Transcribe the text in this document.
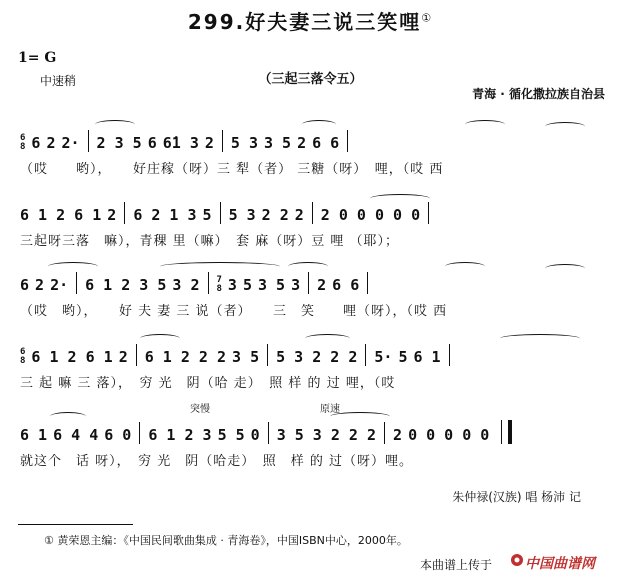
299.好夫妻三说三笑哩①
1= G
中速稍	（三起三落令五）
青海 · 循化撒拉族自治县
6
8 6 2 2· 2 3 5 6 6̇1 3 2 5 3 3 5 2 6 6
（哎　　哟），　　好庄稼（呀）三 犁（者） 三糖（呀）　哩，（哎 西
6 1 2 6 1 2 6 2 1 3 5 5 3 2 2 2 2 0 0 0 0 0
三起呀三落　嘛），青稞 里（嘛）　套 麻（呀）豆 哩 （耶）；
6 2 2· 6 1 2 3 5 3 2 7
8 3 5 3 5 3 2 6 6
（哎　哟），　　好 夫 妻 三 说（者）　　三　笑　　哩（呀），（哎 西
6
8 6 1 2 6 1 2 6 1 2 2 2 3 5 5 3 2 2 2 5· 5 6 1
三 起 嘛 三 落），　穷 光　阴（哈 走）　照 样 的 过 哩，（哎
6 1 6 4 4 6 0 6 1 2 3 5 5 0 3 5 3 2 2 2 2 0 0 0 0 0
就这个　话 呀），　穷 光　阴（哈走）　照　样 的 过（呀）哩。
突慢	原速
朱仲禄(汉族) 唱 杨沛 记
① 黄荣恩主编：《中国民间歌曲集成 · 青海卷》，中国ISBN中心，2000年。
本曲谱上传于 中国曲谱网
